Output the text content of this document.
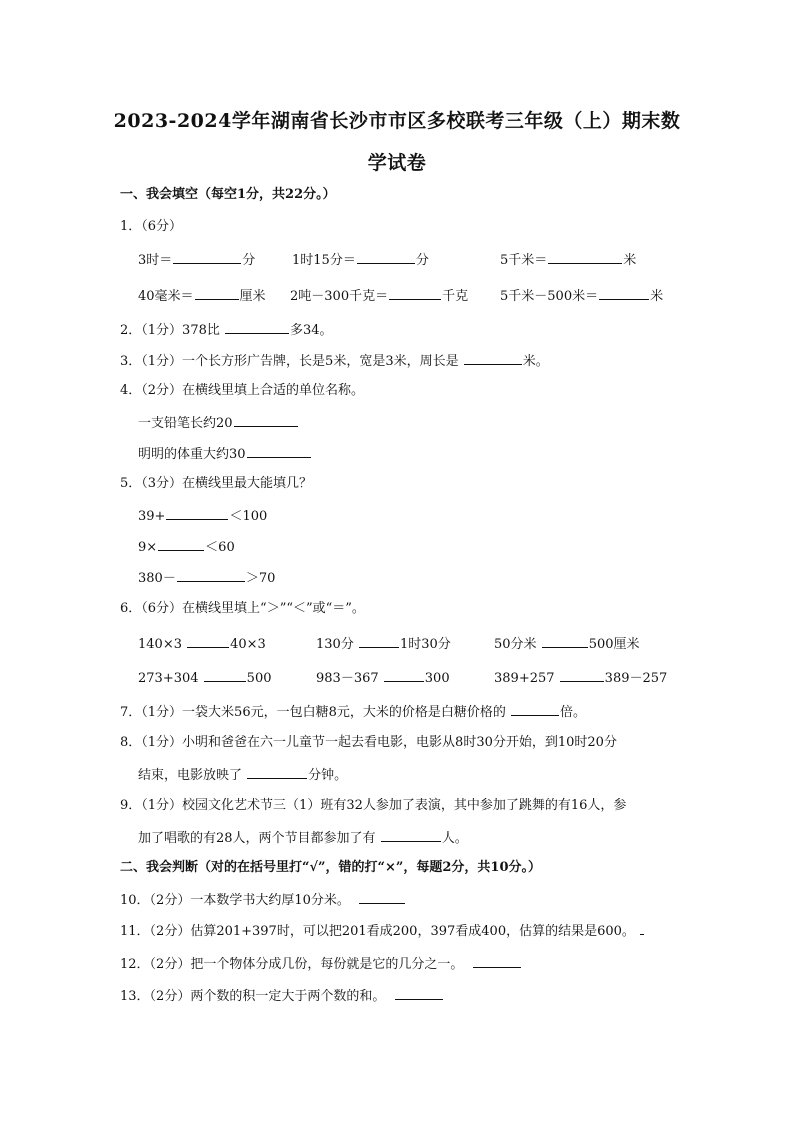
2023-2024学年湖南省长沙市市区多校联考三年级（上）期末数
学试卷
一、我会填空（每空1分，共22分。）
1．（6分）
3时＝	分	1时15分＝	分	5千米＝	米
40毫米＝	厘米 2吨－300千克＝	千克 5千米－500米＝	米
2．（1分）378比	多34。
3．（1分）一个长方形广告牌，长是5米，宽是3米，周长是	米。
4．（2分）在横线里填上合适的单位名称。
一支铅笔长约20
明明的体重大约30
5．（3分）在横线里最大能填几？
39+	＜100
9×	＜60
380－	＞70
6．（6分）在横线里填上“＞”“＜”或“＝”。
140×3	40×3	130分	1时30分	50分米	500厘米
273+304	500	983－367	300	389+257	389－257
7．（1分）一袋大米56元，一包白糖8元，大米的价格是白糖价格的	倍。
8．（1分）小明和爸爸在六一儿童节一起去看电影，电影从8时30分开始，到10时20分
结束，电影放映了	分钟。
9．（1分）校园文化艺术节三（1）班有32人参加了表演，其中参加了跳舞的有16人，参
加了唱歌的有28人，两个节目都参加了有	人。
二、我会判断（对的在括号里打“√”，错的打“×”，每题2分，共10分。）
10．（2分）一本数学书大约厚10分米。
11．（2分）估算201+397时，可以把201看成200，397看成400，估算的结果是600。
12．（2分）把一个物体分成几份，每份就是它的几分之一。
13．（2分）两个数的积一定大于两个数的和。
